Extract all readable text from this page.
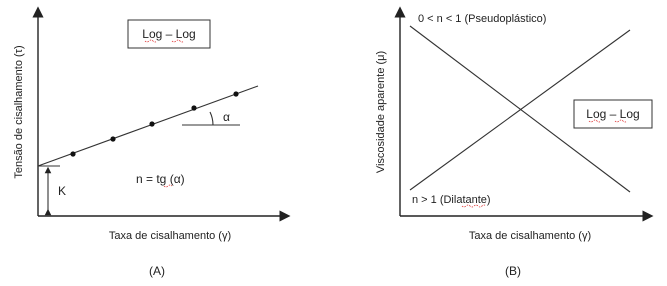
Tensão de cisalhamento (τ)
Log – Log
α
n = tg (α)
K
Taxa de cisalhamento (γ)
(A)
Viscosidade aparente (μ)
0 < n < 1 (Pseudoplástico)
n > 1 (Dilatante)
Log – Log
Taxa de cisalhamento (γ)
(B)
